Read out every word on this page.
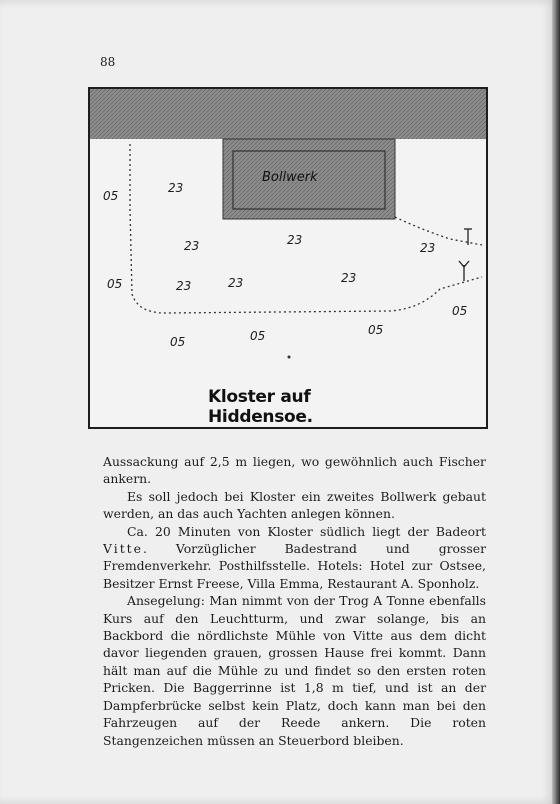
88
Bollwerk
05
23
23	23
23
05	23	23	23
05
05
05
05
Kloster auf Hiddensoe.

Aussackung auf 2,5 m liegen, wo gewöhnlich auch Fischer ankern.

Es soll jedoch bei Kloster ein zweites Bollwerk gebaut werden, an das auch Yachten anlegen können.

Ca. 20 Minuten von Kloster südlich liegt der Badeort Vitte. Vorzüglicher Badestrand und grosser Fremdenverkehr. Posthilfsstelle. Hotels: Hotel zur Ostsee, Besitzer Ernst Freese, Villa Emma, Restaurant A. Sponholz.

Ansegelung: Man nimmt von der Trog A Tonne ebenfalls Kurs auf den Leuchtturm, und zwar solange, bis an Backbord die nördlichste Mühle von Vitte aus dem dicht davor liegenden grauen, grossen Hause frei kommt. Dann hält man auf die Mühle zu und findet so den ersten roten Pricken. Die Baggerrinne ist 1,8 m tief, und ist an der Dampferbrücke selbst kein Platz, doch kann man bei den Fahrzeugen auf der Reede ankern. Die roten Stangenzeichen müssen an Steuerbord bleiben.
